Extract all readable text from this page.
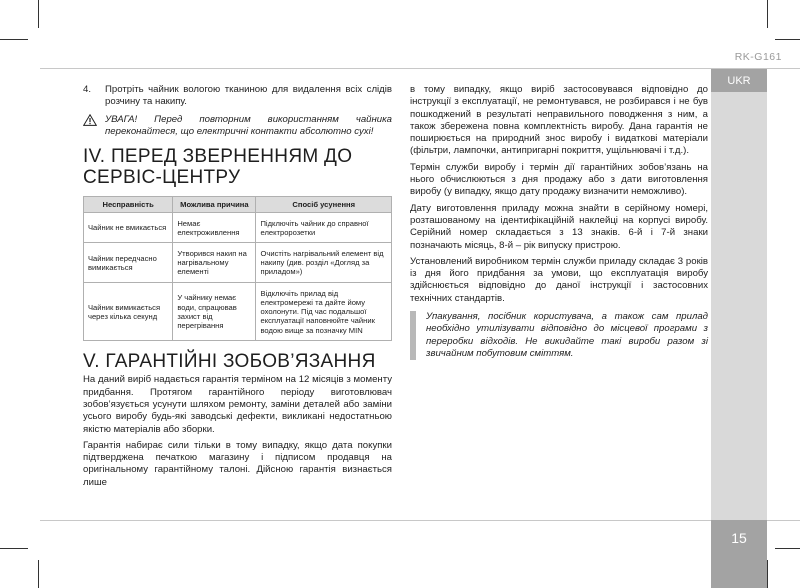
RK-G161
UKR
4.	Протріть чайник вологою тканиною для видалення всіх слідів розчину та накипу.
УВАГА! Перед повторним використанням чайника переконайтеся, що електричні контакти абсолютно сухі!
IV. ПЕРЕД ЗВЕРНЕННЯМ ДО СЕРВІС-ЦЕНТРУ
Несправність	Можлива причина	Спосіб усунення
Чайник не вмикається	Немає електроживлення	Підключіть чайник до справної електророзетки
Чайник передчасно вимикається	Утворився накип на нагрівальному елементі	Очистіть нагрівальний елемент від накипу (див. розділ «Догляд за приладом»)
Чайник вимикається через кілька секунд	У чайнику немає води, спрацював захист від перегрівання	Відключіть прилад від електромережі та дайте йому охолонути. Під час подальшої експлуатації наповнюйте чайник водою вище за позначку MIN
V. ГАРАНТІЙНІ ЗОБОВ’ЯЗАННЯ

На даний виріб надається гарантія терміном на 12 місяців з моменту придбання. Протягом гарантійного періоду виготовлювач зобов’язується усунути шляхом ремонту, заміни деталей або заміни усього виробу будь-які заводські дефекти, викликані недостатньою якістю матеріалів або зборки.

Гарантія набирає сили тільки в тому випадку, якщо дата покупки підтверджена печаткою магазину і підписом продавця на оригінальному гарантійному талоні. Дійсною гарантія визнається лише

в тому випадку, якщо виріб застосовувався відповідно до інструкції з експлуатації, не ремонтувався, не розбирався і не був пошкоджений в результаті неправильного поводження з ним, а також збережена повна комплектність виробу. Дана гарантія не поширюється на природний знос виробу і видаткові матеріали (фільтри, лампочки, антипригарні покриття, ущільнювачі і т.д.).

Термін служби виробу і термін дії гарантійних зобов’язань на нього обчислюються з дня продажу або з дати виготовлення виробу (у випадку, якщо дату продажу визначити неможливо).

Дату виготовлення приладу можна знайти в серійному номері, розташованому на ідентифікаційній наклейці на корпусі виробу. Серійний номер складається з 13 знаків. 6-й і 7-й знаки позначають місяць, 8-й – рік випуску пристрою.

Установлений виробником термін служби приладу складає 3 років із дня його придбання за умови, що експлуатація виробу здійснюється відповідно до даної інструкції і застосовних технічних стандартів.

Упакування, посібник користувача, а також сам прилад необхідно утилізувати відповідно до місцевої програми з переробки відходів. Не викидайте такі вироби разом зі звичайним побутовим сміттям.
15
